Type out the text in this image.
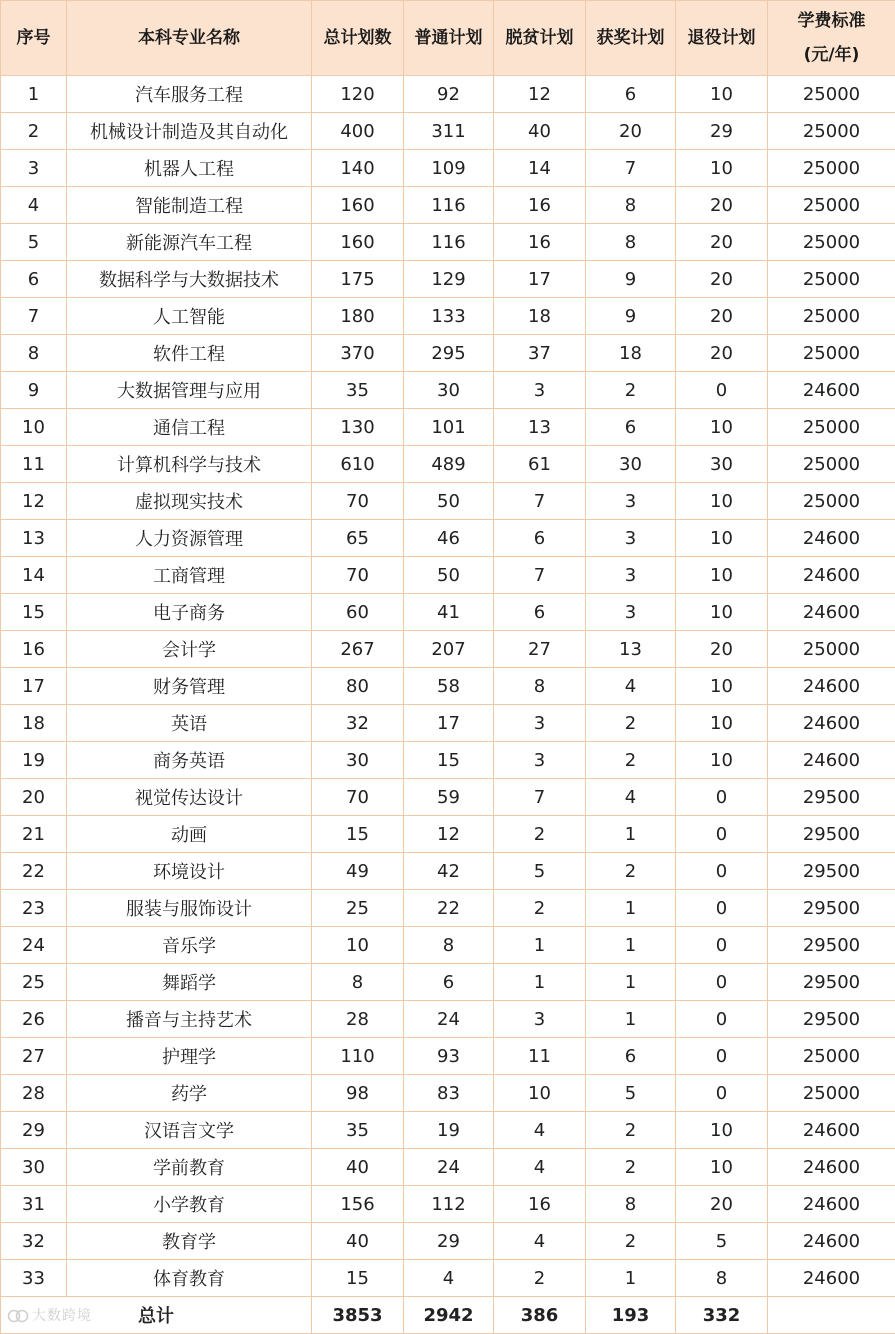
序号	本科专业名称	总计划数	普通计划	脱贫计划	获奖计划	退役计划	学费标准
(元/年)
1	汽车服务工程	120	92	12	6	10	25000
2	机械设计制造及其自动化	400	311	40	20	29	25000
3	机器人工程	140	109	14	7	10	25000
4	智能制造工程	160	116	16	8	20	25000
5	新能源汽车工程	160	116	16	8	20	25000
6	数据科学与大数据技术	175	129	17	9	20	25000
7	人工智能	180	133	18	9	20	25000
8	软件工程	370	295	37	18	20	25000
9	大数据管理与应用	35	30	3	2	0	24600
10	通信工程	130	101	13	6	10	25000
11	计算机科学与技术	610	489	61	30	30	25000
12	虚拟现实技术	70	50	7	3	10	25000
13	人力资源管理	65	46	6	3	10	24600
14	工商管理	70	50	7	3	10	24600
15	电子商务	60	41	6	3	10	24600
16	会计学	267	207	27	13	20	25000
17	财务管理	80	58	8	4	10	24600
18	英语	32	17	3	2	10	24600
19	商务英语	30	15	3	2	10	24600
20	视觉传达设计	70	59	7	4	0	29500
21	动画	15	12	2	1	0	29500
22	环境设计	49	42	5	2	0	29500
23	服装与服饰设计	25	22	2	1	0	29500
24	音乐学	10	8	1	1	0	29500
25	舞蹈学	8	6	1	1	0	29500
26	播音与主持艺术	28	24	3	1	0	29500
27	护理学	110	93	11	6	0	25000
28	药学	98	83	10	5	0	25000
29	汉语言文学	35	19	4	2	10	24600
30	学前教育	40	24	4	2	10	24600
31	小学教育	156	112	16	8	20	24600
32	教育学	40	29	4	2	5	24600
33	体育教育	15	4	2	1	8	24600

大数跨境 总计		3853	2942	386	193	332	
